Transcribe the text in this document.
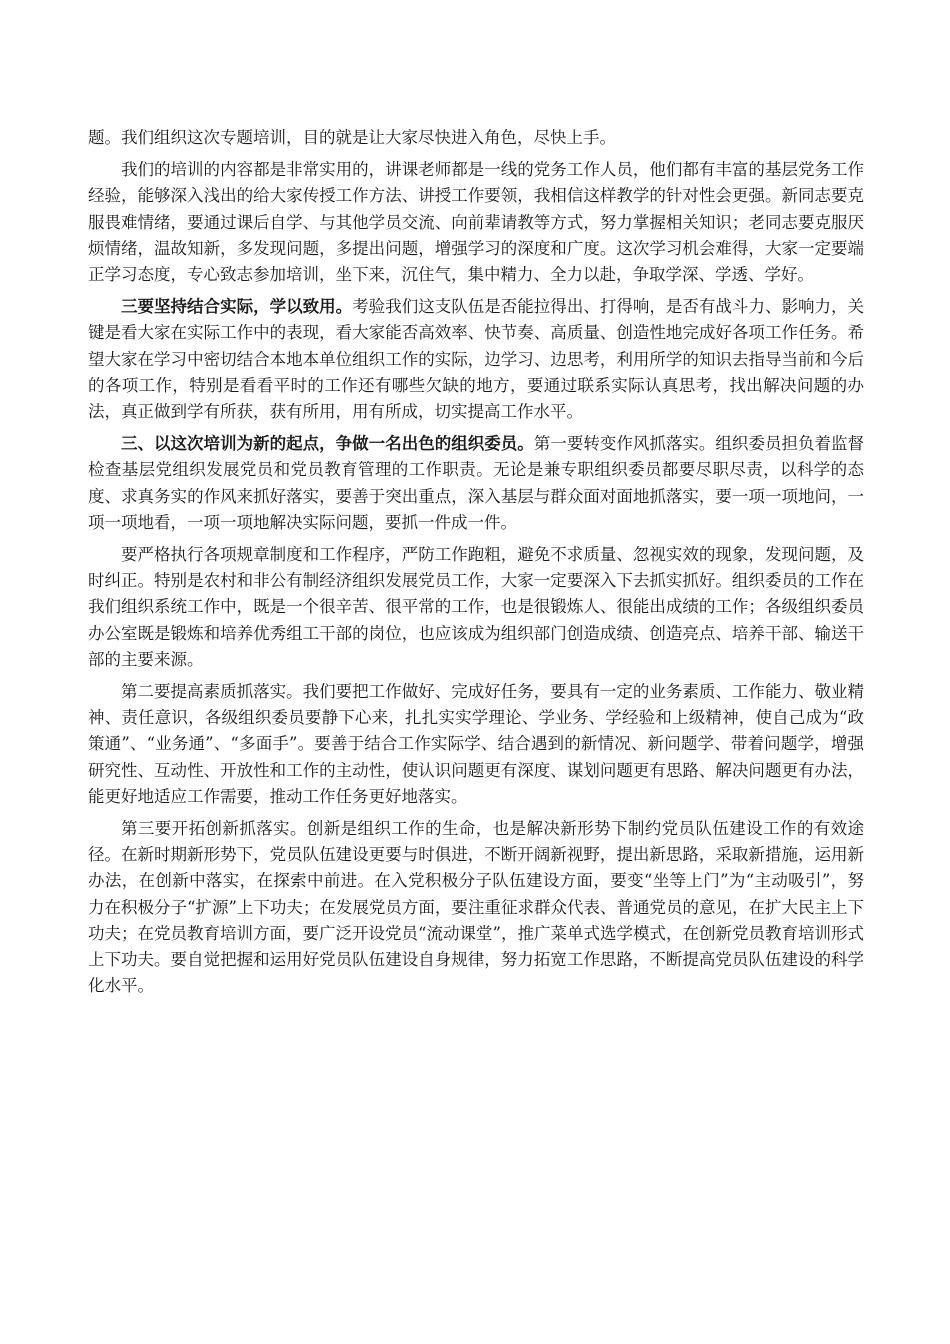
题。我们组织这次专题培训，目的就是让大家尽快进入角色，尽快上手。

我们的培训的内容都是非常实用的，讲课老师都是一线的党务工作人员，他们都有丰富的基层党务工作经验，能够深入浅出的给大家传授工作方法、讲授工作要领，我相信这样教学的针对性会更强。新同志要克服畏难情绪，要通过课后自学、与其他学员交流、向前辈请教等方式，努力掌握相关知识；老同志要克服厌烦情绪，温故知新，多发现问题，多提出问题，增强学习的深度和广度。这次学习机会难得，大家一定要端正学习态度，专心致志参加培训，坐下来，沉住气，集中精力、全力以赴，争取学深、学透、学好。

三要坚持结合实际，学以致用。考验我们这支队伍是否能拉得出、打得响，是否有战斗力、影响力，关键是看大家在实际工作中的表现，看大家能否高效率、快节奏、高质量、创造性地完成好各项工作任务。希望大家在学习中密切结合本地本单位组织工作的实际，边学习、边思考，利用所学的知识去指导当前和今后的各项工作，特别是看看平时的工作还有哪些欠缺的地方，要通过联系实际认真思考，找出解决问题的办法，真正做到学有所获，获有所用，用有所成，切实提高工作水平。

三、以这次培训为新的起点，争做一名出色的组织委员。第一要转变作风抓落实。组织委员担负着监督检查基层党组织发展党员和党员教育管理的工作职责。无论是兼专职组织委员都要尽职尽责，以科学的态度、求真务实的作风来抓好落实，要善于突出重点，深入基层与群众面对面地抓落实，要一项一项地问，一项一项地看，一项一项地解决实际问题，要抓一件成一件。

要严格执行各项规章制度和工作程序，严防工作跑粗，避免不求质量、忽视实效的现象，发现问题，及时纠正。特别是农村和非公有制经济组织发展党员工作，大家一定要深入下去抓实抓好。组织委员的工作在我们组织系统工作中，既是一个很辛苦、很平常的工作，也是很锻炼人、很能出成绩的工作；各级组织委员办公室既是锻炼和培养优秀组工干部的岗位，也应该成为组织部门创造成绩、创造亮点、培养干部、输送干部的主要来源。

第二要提高素质抓落实。我们要把工作做好、完成好任务，要具有一定的业务素质、工作能力、敬业精神、责任意识，各级组织委员要静下心来，扎扎实实学理论、学业务、学经验和上级精神，使自己成为“政策通”、“业务通”、“多面手”。要善于结合工作实际学、结合遇到的新情况、新问题学、带着问题学，增强研究性、互动性、开放性和工作的主动性，使认识问题更有深度、谋划问题更有思路、解决问题更有办法，能更好地适应工作需要，推动工作任务更好地落实。

第三要开拓创新抓落实。创新是组织工作的生命，也是解决新形势下制约党员队伍建设工作的有效途径。在新时期新形势下，党员队伍建设更要与时俱进，不断开阔新视野，提出新思路，采取新措施，运用新办法，在创新中落实，在探索中前进。在入党积极分子队伍建设方面，要变“坐等上门”为“主动吸引”，努力在积极分子“扩源”上下功夫；在发展党员方面，要注重征求群众代表、普通党员的意见，在扩大民主上下功夫；在党员教育培训方面，要广泛开设党员“流动课堂”，推广菜单式选学模式，在创新党员教育培训形式上下功夫。要自觉把握和运用好党员队伍建设自身规律，努力拓宽工作思路，不断提高党员队伍建设的科学化水平。
